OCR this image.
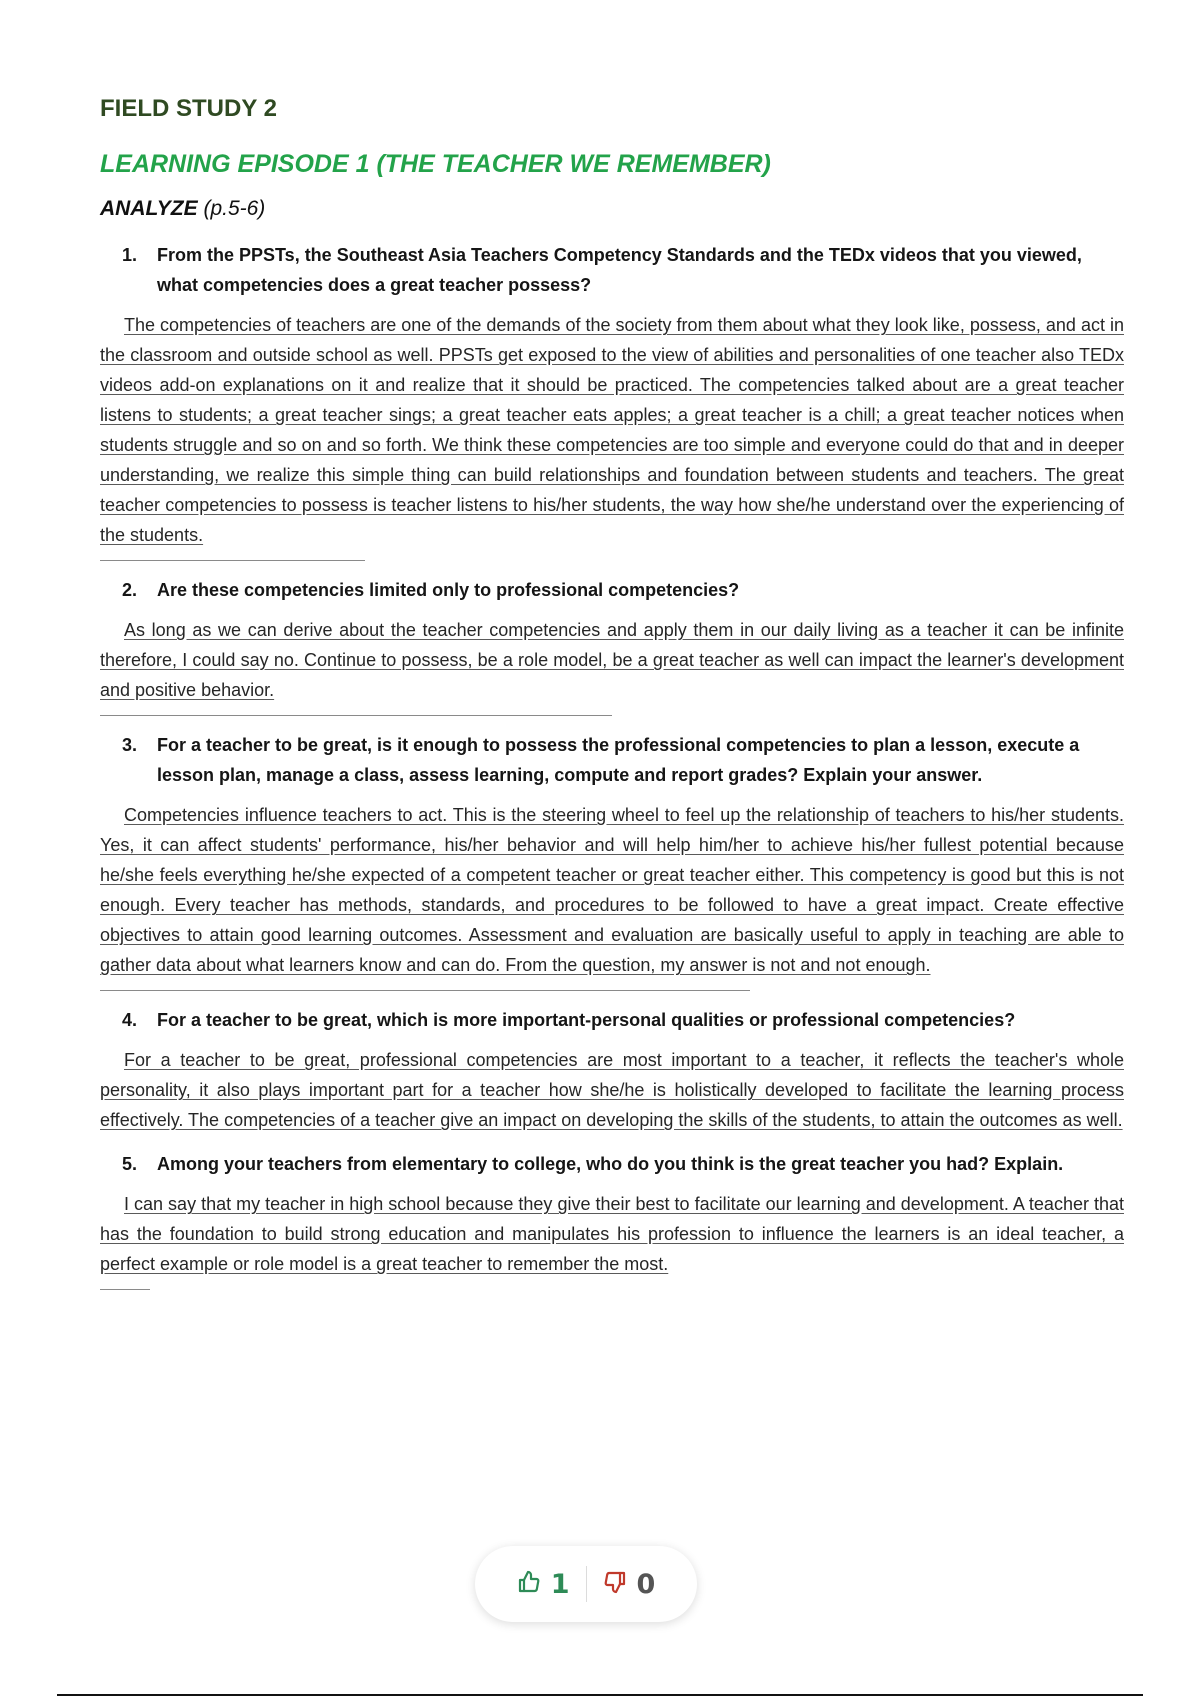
FIELD STUDY 2
LEARNING EPISODE 1 (THE TEACHER WE REMEMBER)
ANALYZE (p.5-6)
1.	From the PPSTs, the Southeast Asia Teachers Competency Standards and the TEDx videos that you viewed, what competencies does a great teacher possess?

The competencies of teachers are one of the demands of the society from them about what they look like, possess, and act in the classroom and outside school as well. PPSTs get exposed to the view of abilities and personalities of one teacher also TEDx videos add-on explanations on it and realize that it should be practiced. The competencies talked about are a great teacher listens to students; a great teacher sings; a great teacher eats apples; a great teacher is a chill; a great teacher notices when students struggle and so on and so forth. We think these competencies are too simple and everyone could do that and in deeper understanding, we realize this simple thing can build relationships and foundation between students and teachers. The great teacher competencies to possess is teacher listens to his/her students, the way how she/he understand over the experiencing of the students.

2.	Are these competencies limited only to professional competencies?

As long as we can derive about the teacher competencies and apply them in our daily living as a teacher it can be infinite therefore, I could say no. Continue to possess, be a role model, be a great teacher as well can impact the learner's development and positive behavior.

3.	For a teacher to be great, is it enough to possess the professional competencies to plan a lesson, execute a lesson plan, manage a class, assess learning, compute and report grades? Explain your answer.

Competencies influence teachers to act. This is the steering wheel to feel up the relationship of teachers to his/her students. Yes, it can affect students' performance, his/her behavior and will help him/her to achieve his/her fullest potential because he/she feels everything he/she expected of a competent teacher or great teacher either. This competency is good but this is not enough. Every teacher has methods, standards, and procedures to be followed to have a great impact. Create effective objectives to attain good learning outcomes. Assessment and evaluation are basically useful to apply in teaching are able to gather data about what learners know and can do. From the question, my answer is not and not enough.

4.	For a teacher to be great, which is more important-personal qualities or professional competencies?

For a teacher to be great, professional competencies are most important to a teacher, it reflects the teacher's whole personality, it also plays important part for a teacher how she/he is holistically developed to facilitate the learning process effectively. The competencies of a teacher give an impact on developing the skills of the students, to attain the outcomes as well.

5.	Among your teachers from elementary to college, who do you think is the great teacher you had? Explain.

I can say that my teacher in high school because they give their best to facilitate our learning and development. A teacher that has the foundation to build strong education and manipulates his profession to influence the learners is an ideal teacher, a perfect example or role model is a great teacher to remember the most.

1 0
